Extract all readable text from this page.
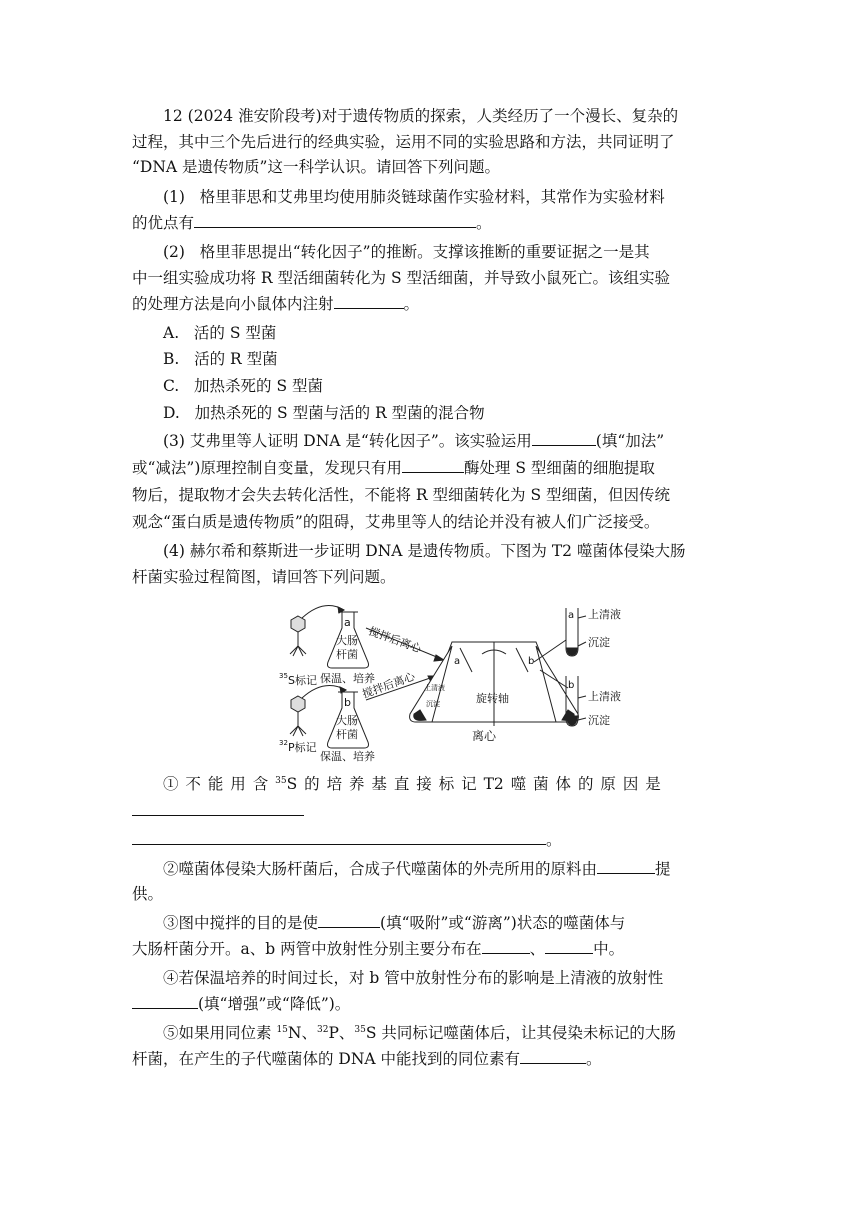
12 (2024 淮安阶段考)对于遗传物质的探索，人类经历了一个漫长、复杂的

过程，其中三个先后进行的经典实验，运用不同的实验思路和方法，共同证明了

“DNA 是遗传物质”这一科学认识。请回答下列问题。

(1) 格里菲思和艾弗里均使用肺炎链球菌作实验材料，其常作为实验材料

的优点有	。

(2) 格里菲思提出“转化因子”的推断。支撑该推断的重要证据之一是其

中一组实验成功将 R 型活细菌转化为 S 型活细菌，并导致小鼠死亡。该组实验

的处理方法是向小鼠体内注射	。

A. 活的 S 型菌

B. 活的 R 型菌

C. 加热杀死的 S 型菌

D. 加热杀死的 S 型菌与活的 R 型菌的混合物

(3) 艾弗里等人证明 DNA 是“转化因子”。该实验运用	(填“加法”

或“减法”)原理控制自变量，发现只有用	酶处理 S 型细菌的细胞提取

物后，提取物才会失去转化活性，不能将 R 型细菌转化为 S 型细菌，但因传统

观念“蛋白质是遗传物质”的阻碍，艾弗里等人的结论并没有被人们广泛接受。

(4) 赫尔希和蔡斯进一步证明 DNA 是遗传物质。下图为 T2 噬菌体侵染大肠

杆菌实验过程简图，请回答下列问题。

35 S标记
32 P标记
a
b
大肠
杆菌
大肠
杆菌
保温、培养
保温、培养
搅拌后离心
搅拌后离心
a	b
上清液
沉淀	旋转轴
离心
a
b
上清液
沉淀
上清液
沉淀

① 不 能 用 含 $^{35}$S 的 培 养 基 直 接 标 记 T2 噬 菌 体 的 原 因 是

。

②噬菌体侵染大肠杆菌后，合成子代噬菌体的外壳所用的原料由	提

供。

③图中搅拌的目的是使	(填“吸附”或“游离”)状态的噬菌体与

大肠杆菌分开。a、b 两管中放射性分别主要分布在	、	中。

④若保温培养的时间过长，对 b 管中放射性分布的影响是上清液的放射性

(填“增强”或“降低”)。

⑤如果用同位素 $^{15}$N、$^{32}$P、$^{35}$S 共同标记噬菌体后，让其侵染未标记的大肠

杆菌，在产生的子代噬菌体的 DNA 中能找到的同位素有	。
